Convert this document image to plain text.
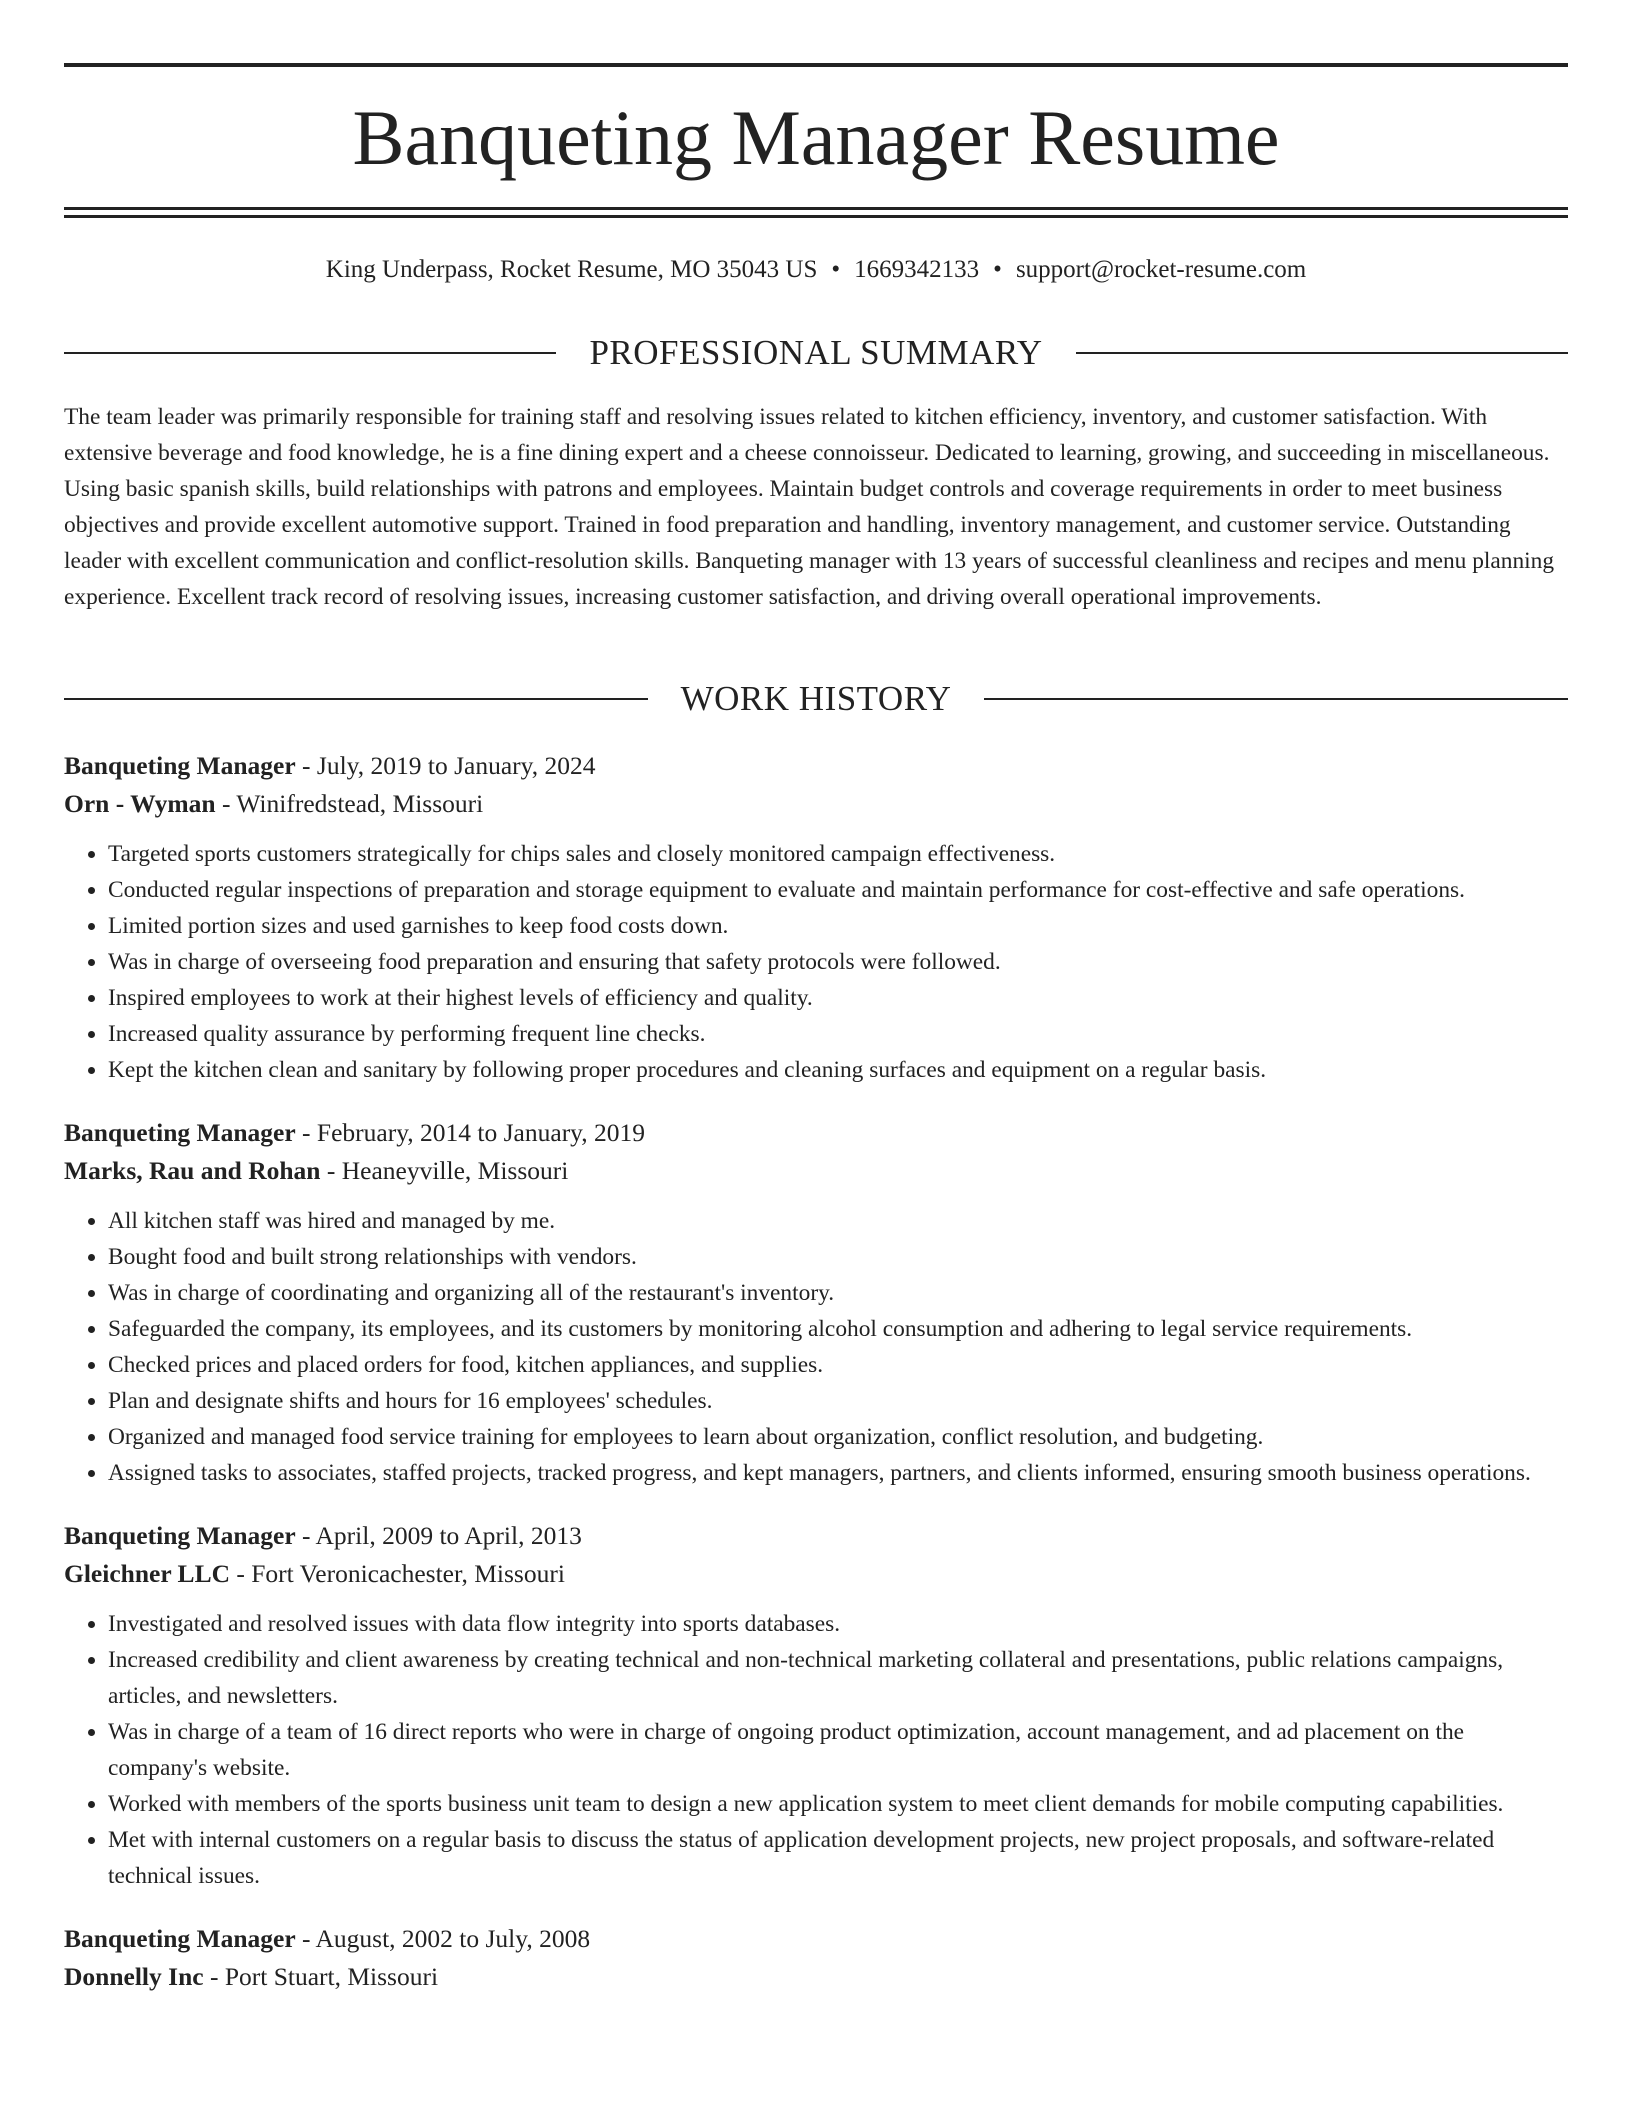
Banqueting Manager Resume
King Underpass, Rocket Resume, MO 35043 US • 1669342133 • support@rocket-resume.com
PROFESSIONAL SUMMARY

The team leader was primarily responsible for training staff and resolving issues related to kitchen efficiency, inventory, and customer satisfaction. With extensive beverage and food knowledge, he is a fine dining expert and a cheese connoisseur. Dedicated to learning, growing, and succeeding in miscellaneous. Using basic spanish skills, build relationships with patrons and employees. Maintain budget controls and coverage requirements in order to meet business objectives and provide excellent automotive support. Trained in food preparation and handling, inventory management, and customer service. Outstanding leader with excellent communication and conflict-resolution skills. Banqueting manager with 13 years of successful cleanliness and recipes and menu planning experience. Excellent track record of resolving issues, increasing customer satisfaction, and driving overall operational improvements.

WORK HISTORY
Banqueting Manager - July, 2019 to January, 2024
Orn - Wyman - Winifredstead, Missouri
• Targeted sports customers strategically for chips sales and closely monitored campaign effectiveness.
• Conducted regular inspections of preparation and storage equipment to evaluate and maintain performance for cost-effective and safe operations.
• Limited portion sizes and used garnishes to keep food costs down.
• Was in charge of overseeing food preparation and ensuring that safety protocols were followed.
• Inspired employees to work at their highest levels of efficiency and quality.
• Increased quality assurance by performing frequent line checks.
• Kept the kitchen clean and sanitary by following proper procedures and cleaning surfaces and equipment on a regular basis.
Banqueting Manager - February, 2014 to January, 2019
Marks, Rau and Rohan - Heaneyville, Missouri
• All kitchen staff was hired and managed by me.
• Bought food and built strong relationships with vendors.
• Was in charge of coordinating and organizing all of the restaurant's inventory.
• Safeguarded the company, its employees, and its customers by monitoring alcohol consumption and adhering to legal service requirements.
• Checked prices and placed orders for food, kitchen appliances, and supplies.
• Plan and designate shifts and hours for 16 employees' schedules.
• Organized and managed food service training for employees to learn about organization, conflict resolution, and budgeting.
• Assigned tasks to associates, staffed projects, tracked progress, and kept managers, partners, and clients informed, ensuring smooth business operations.
Banqueting Manager - April, 2009 to April, 2013
Gleichner LLC - Fort Veronicachester, Missouri
• Investigated and resolved issues with data flow integrity into sports databases.
• Increased credibility and client awareness by creating technical and non-technical marketing collateral and presentations, public relations campaigns, articles, and newsletters.
• Was in charge of a team of 16 direct reports who were in charge of ongoing product optimization, account management, and ad placement on the company's website.
• Worked with members of the sports business unit team to design a new application system to meet client demands for mobile computing capabilities.
• Met with internal customers on a regular basis to discuss the status of application development projects, new project proposals, and software-related technical issues.
Banqueting Manager - August, 2002 to July, 2008
Donnelly Inc - Port Stuart, Missouri
